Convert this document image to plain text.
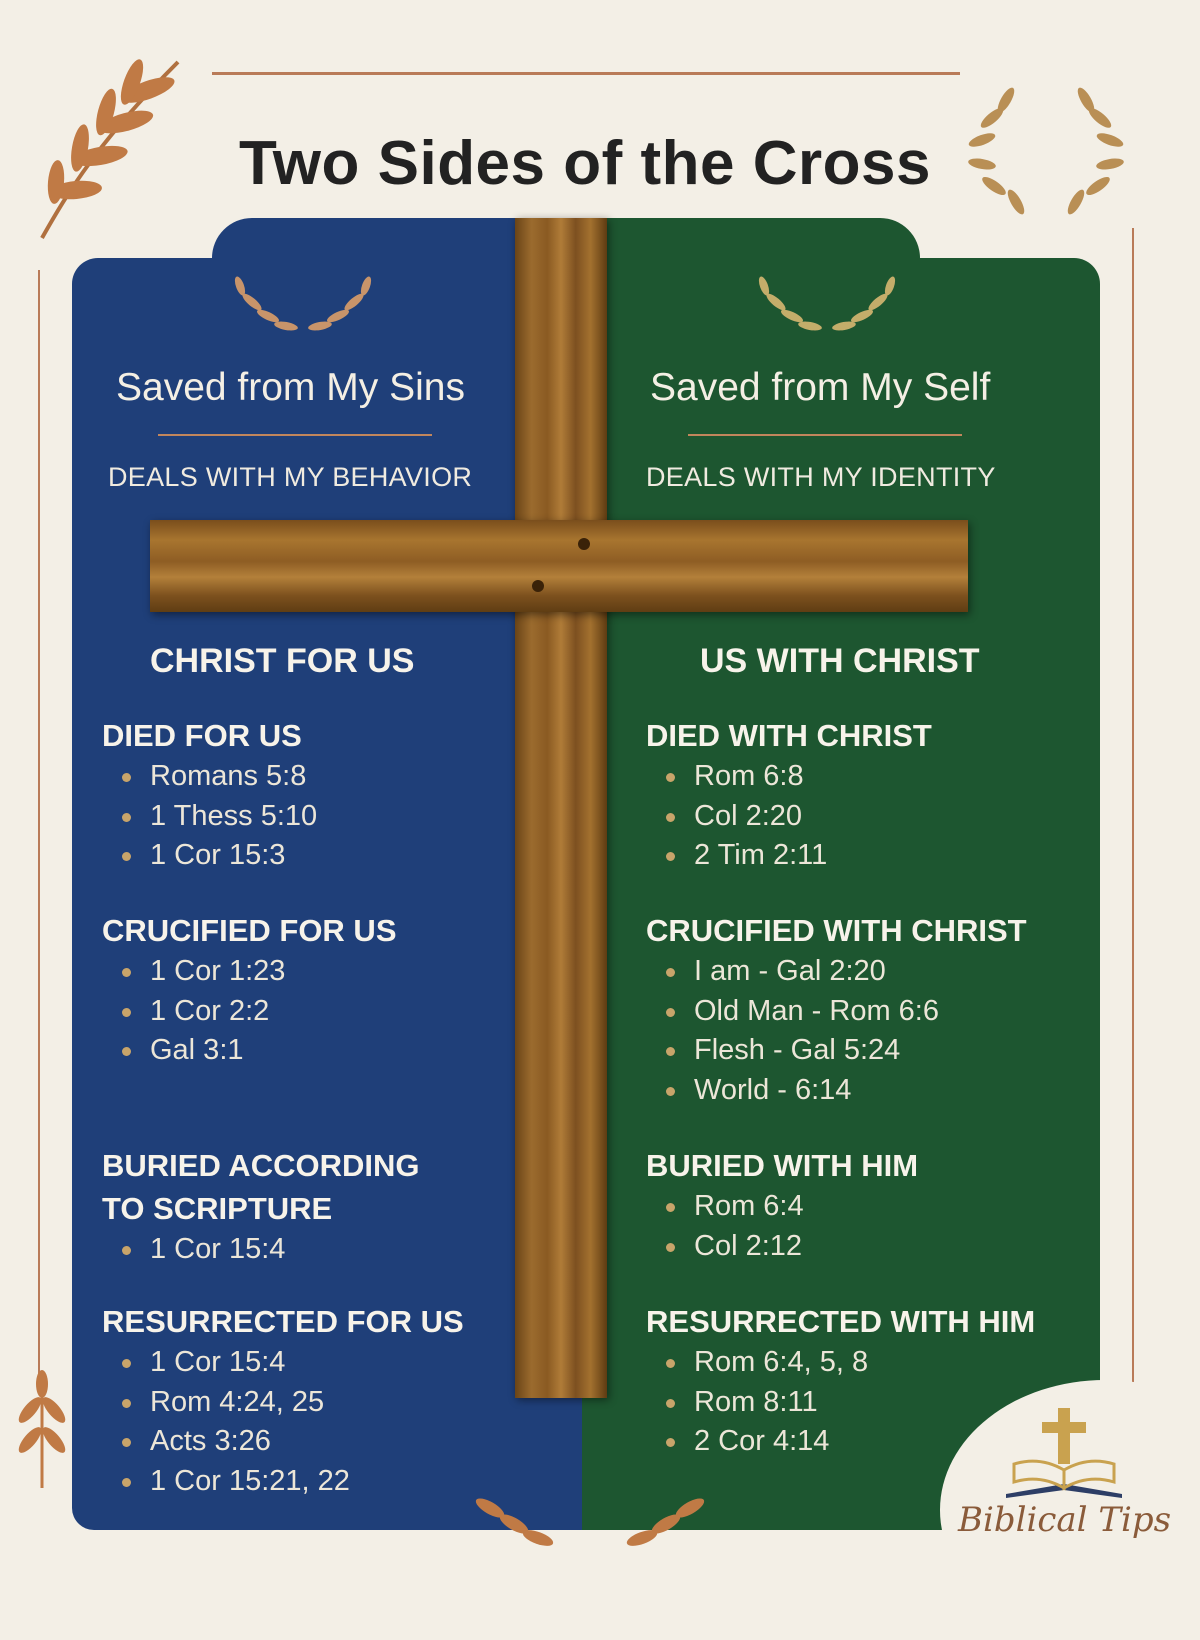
Two Sides of the Cross
Saved from My Sins
DEALS WITH MY BEHAVIOR
Saved from My Self
DEALS WITH MY IDENTITY
CHRIST FOR US	US WITH CHRIST
DIED FOR US
Romans 5:8
1 Thess 5:10
1 Cor 15:3
CRUCIFIED FOR US
1 Cor 1:23
1 Cor 2:2
Gal 3:1
BURIED ACCORDING
TO SCRIPTURE
1 Cor 15:4
RESURRECTED FOR US
1 Cor 15:4
Rom 4:24, 25
Acts 3:26
1 Cor 15:21, 22
DIED WITH CHRIST
Rom 6:8
Col 2:20
2 Tim 2:11
CRUCIFIED WITH CHRIST
I am - Gal 2:20
Old Man - Rom 6:6
Flesh - Gal 5:24
World - 6:14
BURIED WITH HIM
Rom 6:4
Col 2:12
RESURRECTED WITH HIM
Rom 6:4, 5, 8
Rom 8:11
2 Cor 4:14
Biblical Tips
